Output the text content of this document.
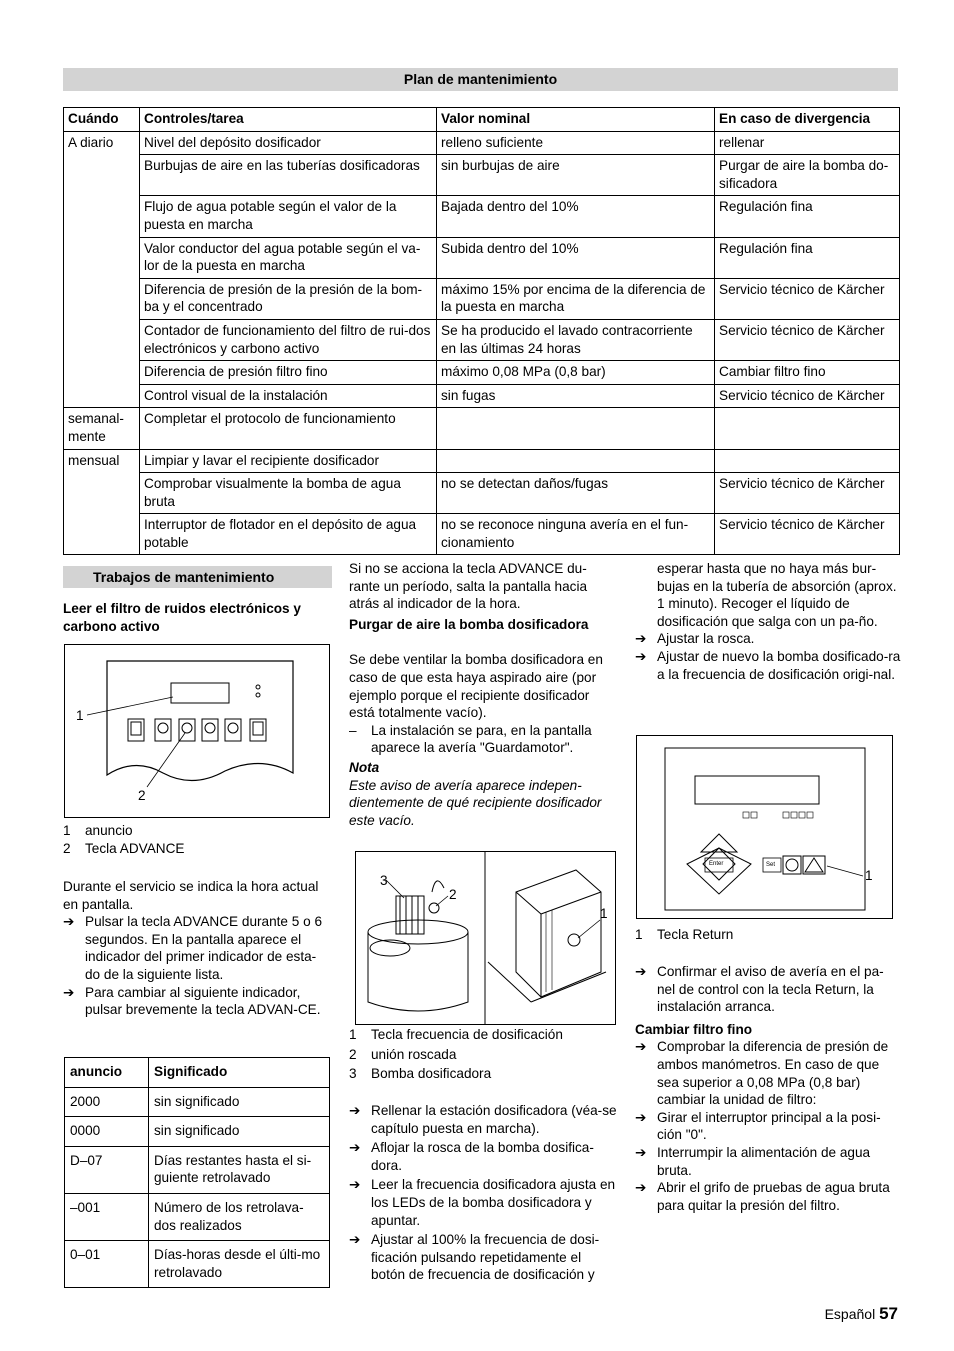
Plan de mantenimiento
Cuándo	Controles/tarea	Valor nominal	En caso de divergencia
A diario	Nivel del depósito dosificador	relleno suficiente	rellenar
	Burbujas de aire en las tuberías dosificadoras	sin burbujas de aire	Purgar de aire la bomba do-sificadora
	Flujo de agua potable según el valor de la puesta en marcha	Bajada dentro del 10%	Regulación fina
	Valor conductor del agua potable según el va-lor de la puesta en marcha	Subida dentro del 10%	Regulación fina
	Diferencia de presión de la presión de la bom-ba y el concentrado	máximo 15% por encima de la diferencia de la puesta en marcha	Servicio técnico de Kärcher
	Contador de funcionamiento del filtro de rui-dos electrónicos y carbono activo	Se ha producido el lavado contracorriente en las últimas 24 horas	Servicio técnico de Kärcher
	Diferencia de presión filtro fino	máximo 0,08 MPa (0,8 bar)	Cambiar filtro fino
	Control visual de la instalación	sin fugas	Servicio técnico de Kärcher
semanal-mente	Completar el protocolo de funcionamiento		
mensual	Limpiar y lavar el recipiente dosificador		
	Comprobar visualmente la bomba de agua bruta	no se detectan daños/fugas	Servicio técnico de Kärcher
	Interruptor de flotador en el depósito de agua potable	no se reconoce ninguna avería en el fun-cionamiento	Servicio técnico de Kärcher
Trabajos de mantenimiento
Leer el filtro de ruidos electrónicos y carbono activo
1
2
1 anuncio
2 Tecla ADVANCE

Durante el servicio se indica la hora actual en pantalla.

➔ Pulsar la tecla ADVANCE durante 5 o 6 segundos. En la pantalla aparece el indicador del primer indicador de esta-do de la siguiente lista.
➔ Para cambiar al siguiente indicador, pulsar brevemente la tecla ADVAN-CE.
anuncio	Significado
2000	sin significado
0000	sin significado
D–07	Días restantes hasta el si-guiente retrolavado
–001	Número de los retrolava-dos realizados
0–01	Días-horas desde el últi-mo retrolavado

Si no se acciona la tecla ADVANCE du-rante un período, salta la pantalla hacia atrás al indicador de la hora.

Purgar de aire la bomba dosificadora

Se debe ventilar la bomba dosificadora en caso de que esta haya aspirado aire (por ejemplo porque el recipiente dosificador está totalmente vacío).

– La instalación se para, en la pantalla aparece la avería "Guardamotor".

Nota

Este aviso de avería aparece indepen-dientemente de qué recipiente dosificador este vacío.

3
2
1
1 Tecla frecuencia de dosificación
2 unión roscada
3 Bomba dosificadora
➔ Rellenar la estación dosificadora (véa-se capítulo puesta en marcha).
➔ Aflojar la rosca de la bomba dosifica-dora.
➔ Leer la frecuencia dosificadora ajusta en los LEDs de la bomba dosificadora y apuntar.
➔ Ajustar al 100% la frecuencia de dosi-ficación pulsando repetidamente el botón de frecuencia de dosificación y

esperar hasta que no haya más bur-bujas en la tubería de absorción (aprox. 1 minuto). Recoger el líquido de dosificación que salga con un pa-ño.

➔ Ajustar la rosca.
➔ Ajustar de nuevo la bomba dosificado-ra a la frecuencia de dosificación origi-nal.
Enter	Set
1
1 Tecla Return
➔ Confirmar el aviso de avería en el pa-nel de control con la tecla Return, la instalación arranca.

Cambiar filtro fino

➔ Comprobar la diferencia de presión de ambos manómetros. En caso de que sea superior a 0,08 MPa (0,8 bar) cambiar la unidad de filtro:
➔ Girar el interruptor principal a la posi-ción "0".
➔ Interrumpir la alimentación de agua bruta.
➔ Abrir el grifo de pruebas de agua bruta para quitar la presión del filtro.
Español 57
